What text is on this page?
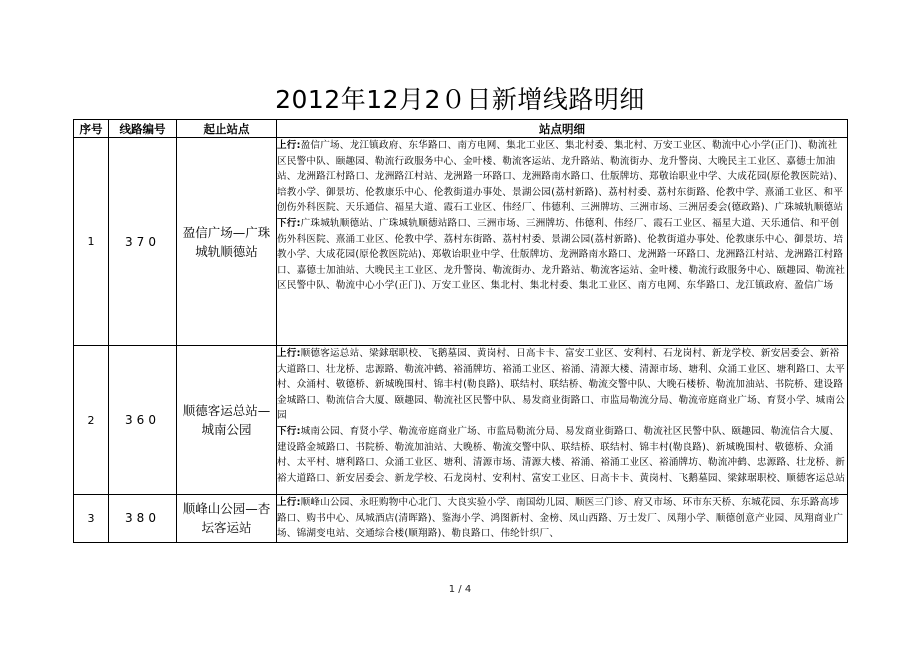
2012年12月2０日新增线路明细
序号	线路编号	起止站点	站点明细
1	370	盈信广场—广珠城轨顺德站	上行:盈信广场、龙江镇政府、东华路口、南方电网、集北工业区、集北村委、集北村、万安工业区、勒流中心小学(正门)、勒流社区民警中队、颐趣园、勒流行政服务中心、金叶楼、勒流客运站、龙升路站、勒流街办、龙升警岗、大晚民主工业区、嘉德士加油站、龙洲路江村路口、龙洲路江村站、龙洲路一环路口、龙洲路南水路口、仕版牌坊、郑敬诒职业中学、大成花园(原伦教医院站)、培教小学、御景坊、伦教康乐中心、伦教街道办事处、景湖公园(荔村新路)、荔村村委、荔村东街路、伦教中学、熹涌工业区、和平创伤外科医院、天乐通信、福星大道、霞石工业区、伟经厂、伟德利、三洲牌坊、三洲市场、三洲居委会(德政路)、广珠城轨顺德站
下行:广珠城轨顺德站、广珠城轨顺德站路口、三洲市场、三洲牌坊、伟德利、伟经厂、霞石工业区、福星大道、天乐通信、和平创伤外科医院、熹涌工业区、伦教中学、荔村东街路、荔村村委、景湖公园(荔村新路)、伦教街道办事处、伦教康乐中心、御景坊、培教小学、大成花园(原伦教医院站)、郑敬诒职业中学、仕版牌坊、龙洲路南水路口、龙洲路一环路口、龙洲路江村站、龙洲路江村路口、嘉德士加油站、大晚民主工业区、龙升警岗、勒流街办、龙升路站、勒流客运站、金叶楼、勒流行政服务中心、颐趣园、勒流社区民警中队、勒流中心小学(正门)、万安工业区、集北村、集北村委、集北工业区、南方电网、东华路口、龙江镇政府、盈信广场

2	360	顺德客运总站—城南公园	上行:顺德客运总站、梁銶琚职校、飞鹅墓园、黄岗村、日高卡卡、富安工业区、安利村、石龙岗村、新龙学校、新安居委会、新裕大道路口、壮龙桥、忠源路、勒流冲鹤、裕涌牌坊、裕涌工业区、裕涌、清源大楼、清源市场、塘利、众涌工业区、塘利路口、太平村、众涌村、敬德桥、新城晚围村、锦丰村(勒良路)、联结村、联结桥、勒流交警中队、大晚石楼桥、勒流加油站、书院桥、建设路金城路口、勒流信合大厦、颐趣园、勒流社区民警中队、易发商业街路口、市监局勒流分局、勒流帝庭商业广场、育贤小学、城南公园
下行:城南公园、育贤小学、勒流帝庭商业广场、市监局勒流分局、易发商业街路口、勒流社区民警中队、颐趣园、勒流信合大厦、建设路金城路口、书院桥、勒流加油站、大晚桥、勒流交警中队、联结桥、联结村、锦丰村(勒良路)、新城晚围村、敬德桥、众涌村、太平村、塘利路口、众涌工业区、塘利、清源市场、清源大楼、裕涌、裕涌工业区、裕涌牌坊、勒流冲鹤、忠源路、壮龙桥、新裕大道路口、新安居委会、新龙学校、石龙岗村、安利村、富安工业区、日高卡卡、黄岗村、飞鹅墓园、梁銶琚职校、顺德客运总站

3	380	顺峰山公园—杏坛客运站	上行:顺峰山公园、永旺购物中心北门、大良实验小学、南国幼儿园、顺医三门诊、府又市场、环市东天桥、东城花园、东乐路高埗路口、购书中心、凤城酒店(清晖路)、鉴海小学、鸿图新村、金榜、凤山西路、万士发厂、凤翔小学、顺德创意产业园、凤翔商业广场、锦湖变电站、交通综合楼(顺翔路)、勒良路口、伟纶针织厂、
1 / 4
